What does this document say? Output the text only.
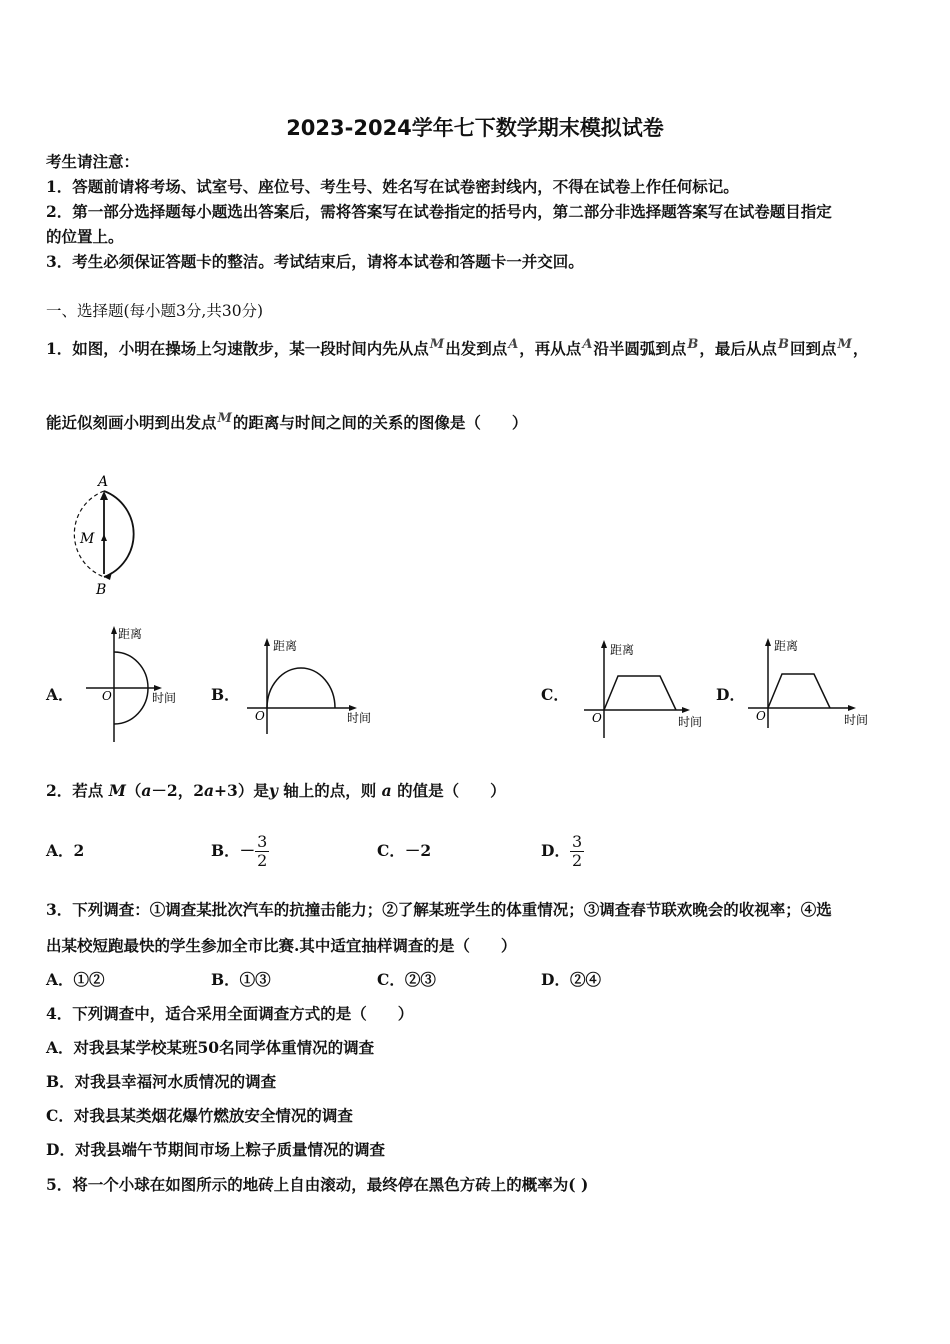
2023-2024学年七下数学期末模拟试卷
考生请注意：
1．答题前请将考场、试室号、座位号、考生号、姓名写在试卷密封线内，不得在试卷上作任何标记。
2．第一部分选择题每小题选出答案后，需将答案写在试卷指定的括号内，第二部分非选择题答案写在试卷题目指定
的位置上。
3．考生必须保证答题卡的整洁。考试结束后，请将本试卷和答题卡一并交回。
一、选择题(每小题3分,共30分)
1．如图，小明在操场上匀速散步，某一段时间内先从点$^M$出发到点$^A$，再从点$^A$沿半圆弧到点$^B$，最后从点$^B$回到点$^M$，
能近似刻画小明到出发点$^M$的距离与时间之间的关系的图像是（　　）
A
M
B
A．
距离
时间
O	B．
距离
时间
O
C．
距离
时间
O
D．
距离
时间
O
2．若点 M（a－2，2a+3）是y 轴上的点，则 a 的值是（　　）
A．2	B．－ $\frac{3}{2}$	C．－2	D． $\frac{3}{2}$
3．下列调查：①调查某批次汽车的抗撞击能力；②了解某班学生的体重情况；③调查春节联欢晚会的收视率；④选
出某校短跑最快的学生参加全市比赛.其中适宜抽样调查的是（　　）
A．①②	B．①③	C．②③	D．②④
4．下列调查中，适合采用全面调查方式的是（　　）
A．对我县某学校某班50名同学体重情况的调查
B．对我县幸福河水质情况的调查
C．对我县某类烟花爆竹燃放安全情况的调查
D．对我县端午节期间市场上粽子质量情况的调查
5．将一个小球在如图所示的地砖上自由滚动，最终停在黑色方砖上的概率为( )
